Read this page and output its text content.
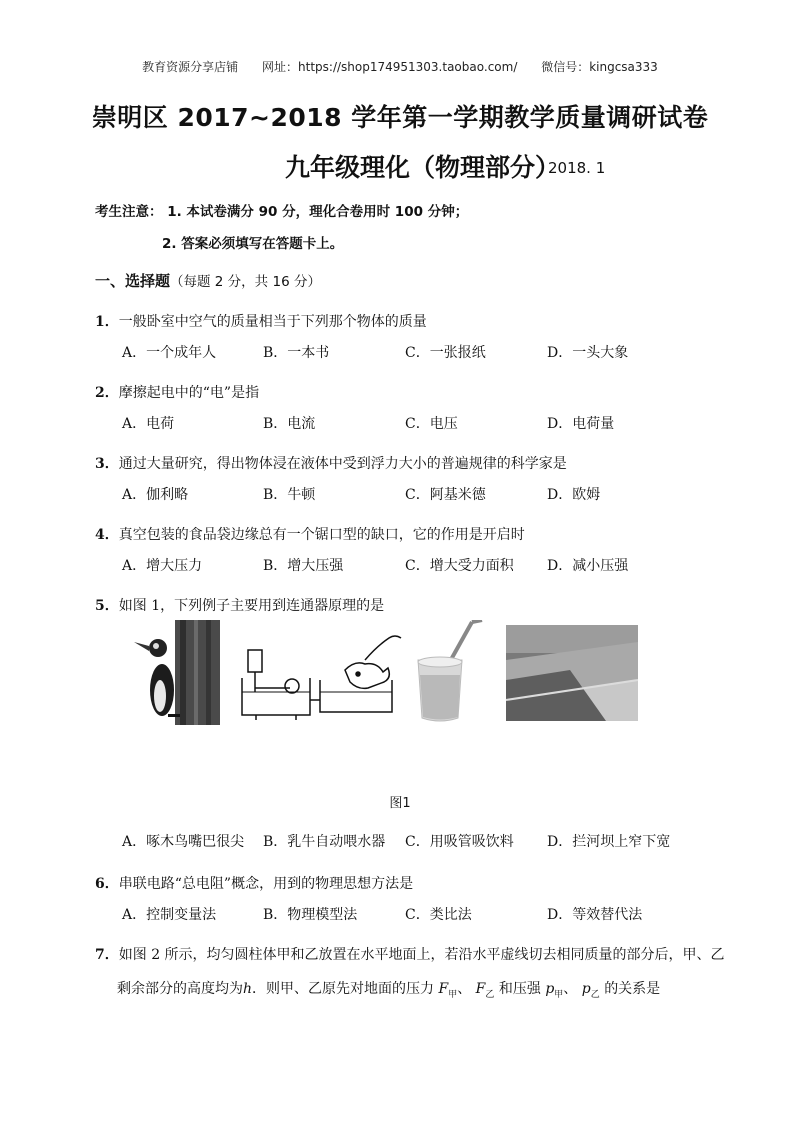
教育资源分享店铺 网址：https://shop174951303.taobao.com/ 微信号：kingcsa333
崇明区 2017~2018 学年第一学期教学质量调研试卷
九年级理化（物理部分）
2018. 1
考生注意： 1. 本试卷满分 90 分，理化合卷用时 100 分钟；
2. 答案必须填写在答题卡上。
一、选择题（每题 2 分，共 16 分）
1．一般卧室中空气的质量相当于下列那个物体的质量
A．一个成年人	B．一本书	C．一张报纸	D．一头大象
2．摩擦起电中的“电”是指
A．电荷	B．电流	C．电压	D．电荷量
3．通过大量研究，得出物体浸在液体中受到浮力大小的普遍规律的科学家是
A．伽利略	B．牛顿	C．阿基米德	D．欧姆
4．真空包装的食品袋边缘总有一个锯口型的缺口，它的作用是开启时
A．增大压力	B．增大压强	C．增大受力面积 D．减小压强
5．如图 1，下列例子主要用到连通器原理的是
图1
A．啄木鸟嘴巴很尖 B．乳牛自动喂水器 C．用吸管吸饮料 D．拦河坝上窄下宽
6．串联电路“总电阻”概念，用到的物理思想方法是
A．控制变量法	B．物理模型法	C．类比法	D．等效替代法
7．如图 2 所示，均匀圆柱体甲和乙放置在水平地面上，若沿水平虚线切去相同质量的部分后，甲、乙
剩余部分的高度均为h．则甲、乙原先对地面的压力 $F_甲$、 $F_乙$ 和压强 $p_甲$、 $p_乙$ 的关系是
